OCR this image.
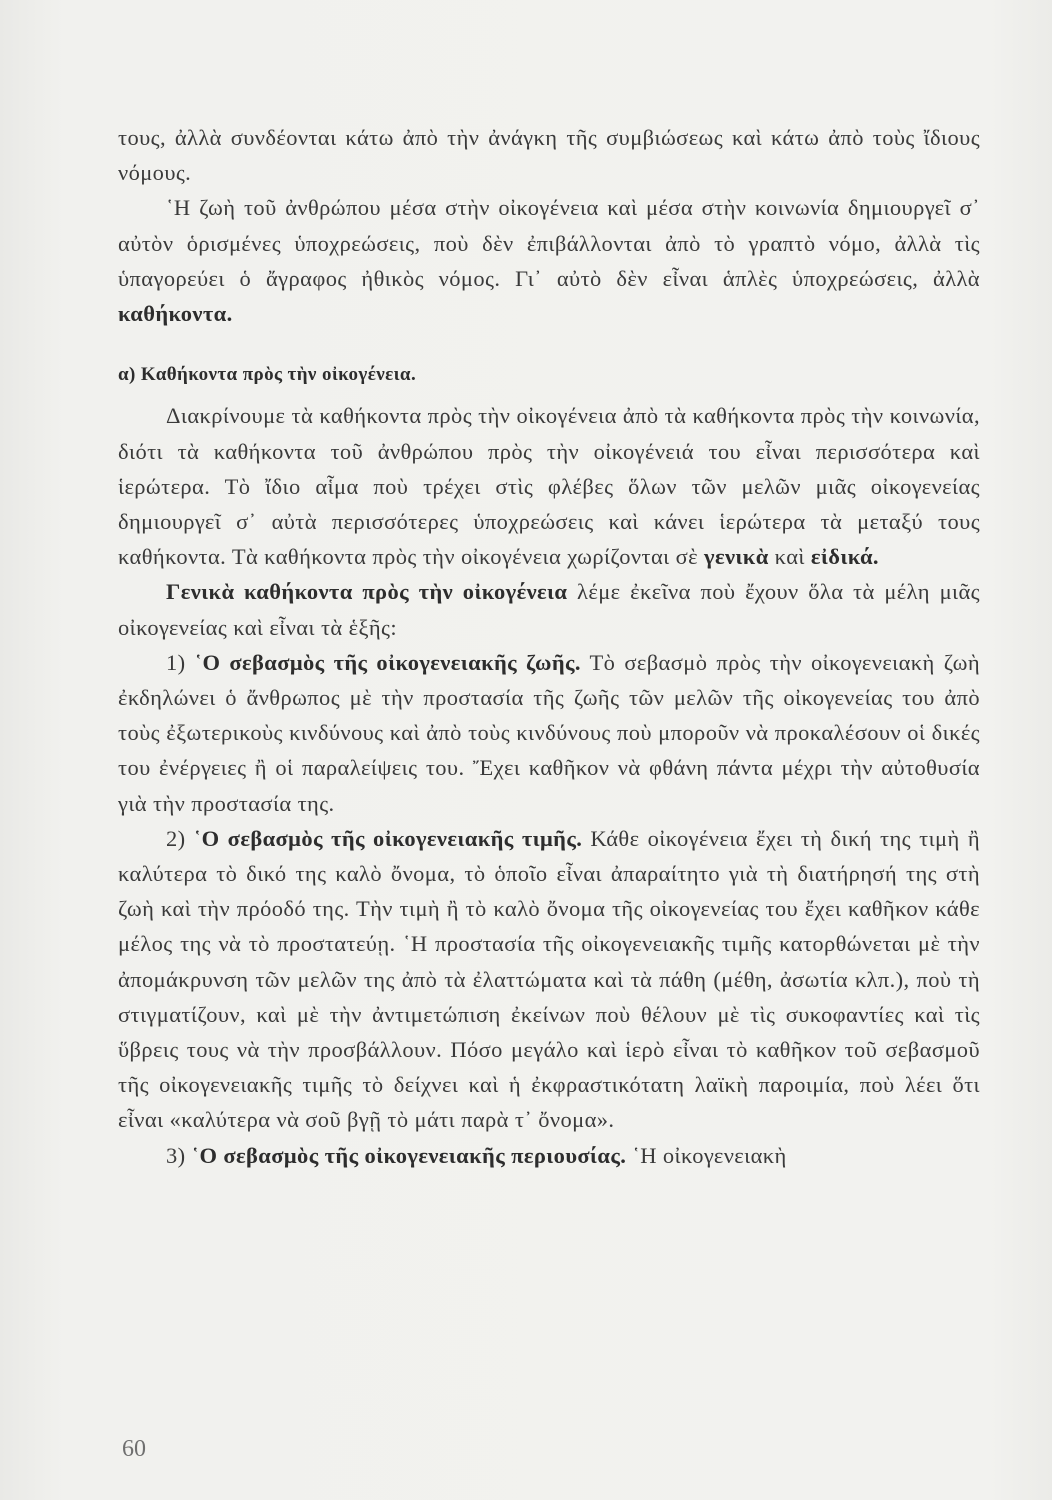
τους, ἀλλὰ συνδέονται κάτω ἀπὸ τὴν ἀνάγκη τῆς συμβιώσεως καὶ κάτω ἀπὸ τοὺς ἴδιους νόμους.

῾Η ζωὴ τοῦ ἀνθρώπου μέσα στὴν οἰκογένεια καὶ μέσα στὴν κοινωνία δημιουργεῖ σ᾽ αὐτὸν ὁρισμένες ὑποχρεώσεις, ποὺ δὲν ἐπιβάλλονται ἀπὸ τὸ γραπτὸ νόμο, ἀλλὰ τὶς ὑπαγορεύει ὁ ἄγραφος ἠθικὸς νόμος. Γι᾽ αὐτὸ δὲν εἶναι ἁπλὲς ὑποχρεώσεις, ἀλλὰ καθήκοντα.

α) Καθήκοντα πρὸς τὴν οἰκογένεια.

Διακρίνουμε τὰ καθήκοντα πρὸς τὴν οἰκογένεια ἀπὸ τὰ καθήκοντα πρὸς τὴν κοινωνία, διότι τὰ καθήκοντα τοῦ ἀνθρώπου πρὸς τὴν οἰκογένειά του εἶναι περισσότερα καὶ ἱερώτερα. Τὸ ἴδιο αἷμα ποὺ τρέχει στὶς φλέβες ὅλων τῶν μελῶν μιᾶς οἰκογενείας δημιουργεῖ σ᾽ αὐτὰ περισσότερες ὑποχρεώσεις καὶ κάνει ἱερώτερα τὰ μεταξύ τους καθήκοντα. Τὰ καθήκοντα πρὸς τὴν οἰκογένεια χωρίζονται σὲ γενικὰ καὶ εἰδικά.

Γενικὰ καθήκοντα πρὸς τὴν οἰκογένεια λέμε ἐκεῖνα ποὺ ἔχουν ὅλα τὰ μέλη μιᾶς οἰκογενείας καὶ εἶναι τὰ ἑξῆς:

1) ῾Ο σεβασμὸς τῆς οἰκογενειακῆς ζωῆς. Τὸ σεβασμὸ πρὸς τὴν οἰκογενειακὴ ζωὴ ἐκδηλώνει ὁ ἄνθρωπος μὲ τὴν προστασία τῆς ζωῆς τῶν μελῶν τῆς οἰκογενείας του ἀπὸ τοὺς ἐξωτερικοὺς κινδύνους καὶ ἀπὸ τοὺς κινδύνους ποὺ μποροῦν νὰ προκαλέσουν οἱ δικές του ἐνέργειες ἢ οἱ παραλείψεις του. Ἔχει καθῆκον νὰ φθάνη πάντα μέχρι τὴν αὐτοθυσία γιὰ τὴν προστασία της.

2) ῾Ο σεβασμὸς τῆς οἰκογενειακῆς τιμῆς. Κάθε οἰκογένεια ἔχει τὴ δική της τιμὴ ἢ καλύτερα τὸ δικό της καλὸ ὄνομα, τὸ ὁποῖο εἶναι ἀπαραίτητο γιὰ τὴ διατήρησή της στὴ ζωὴ καὶ τὴν πρόοδό της. Τὴν τιμὴ ἢ τὸ καλὸ ὄνομα τῆς οἰκογενείας του ἔχει καθῆκον κάθε μέλος της νὰ τὸ προστατεύῃ. ῾Η προστασία τῆς οἰκογενειακῆς τιμῆς κατορθώνεται μὲ τὴν ἀπομάκρυνση τῶν μελῶν της ἀπὸ τὰ ἐλαττώματα καὶ τὰ πάθη (μέθη, ἀσωτία κλπ.), ποὺ τὴ στιγματίζουν, καὶ μὲ τὴν ἀντιμετώπιση ἐκείνων ποὺ θέλουν μὲ τὶς συκοφαντίες καὶ τὶς ὕβρεις τους νὰ τὴν προσβάλλουν. Πόσο μεγάλο καὶ ἱερὸ εἶναι τὸ καθῆκον τοῦ σεβασμοῦ τῆς οἰκογενειακῆς τιμῆς τὸ δείχνει καὶ ἡ ἐκφραστικότατη λαϊκὴ παροιμία, ποὺ λέει ὅτι εἶναι «καλύτερα νὰ σοῦ βγῇ τὸ μάτι παρὰ τ᾽ ὄνομα».

3) ῾Ο σεβασμὸς τῆς οἰκογενειακῆς περιουσίας. ῾Η οἰκογενειακὴ

60
